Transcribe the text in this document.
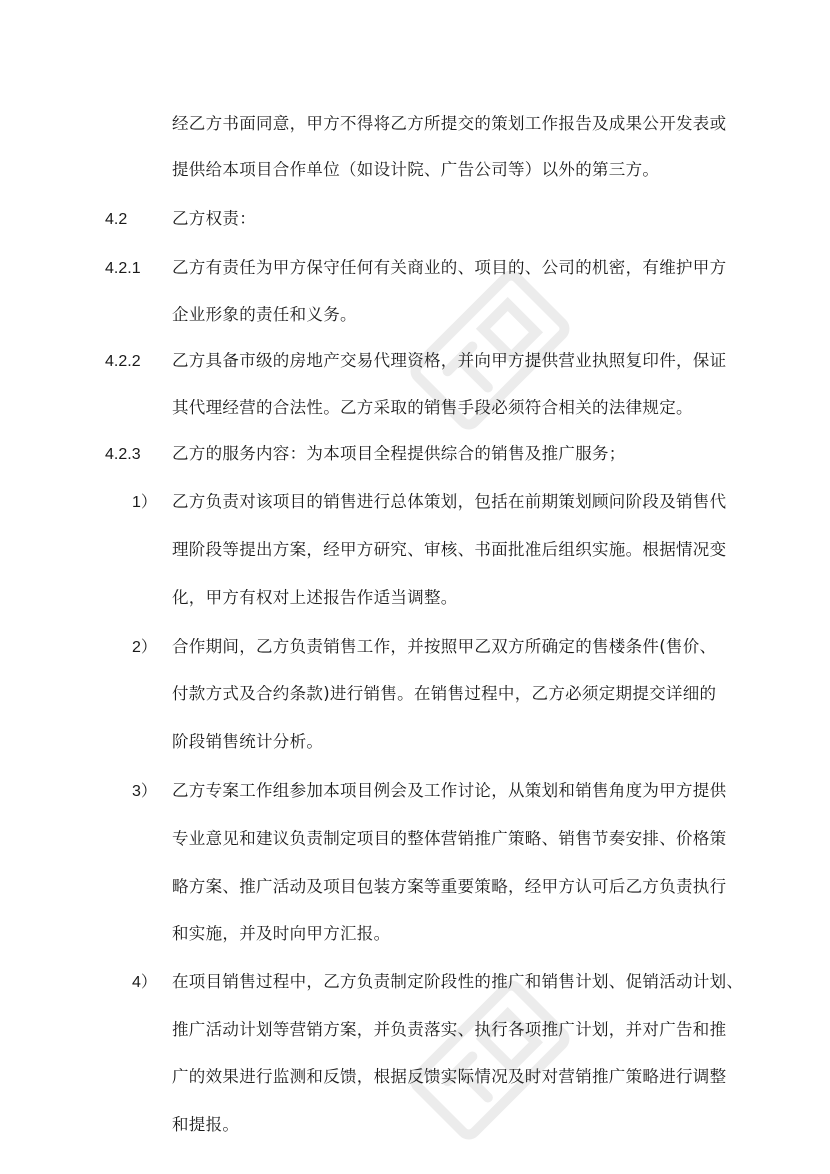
经乙方书面同意，甲方不得将乙方所提交的策划工作报告及成果公开发表或
提供给本项目合作单位（如设计院、广告公司等）以外的第三方。
4.2	乙方权责：
4.2.1 乙方有责任为甲方保守任何有关商业的、项目的、公司的机密，有维护甲方
企业形象的责任和义务。
4.2.2 乙方具备市级的房地产交易代理资格，并向甲方提供营业执照复印件，保证
其代理经营的合法性。乙方采取的销售手段必须符合相关的法律规定。
4.2.3 乙方的服务内容：为本项目全程提供综合的销售及推广服务；
1） 乙方负责对该项目的销售进行总体策划，包括在前期策划顾问阶段及销售代
理阶段等提出方案，经甲方研究、审核、书面批准后组织实施。根据情况变
化，甲方有权对上述报告作适当调整。
2） 合作期间，乙方负责销售工作，并按照甲乙双方所确定的售楼条件(售价、
付款方式及合约条款)进行销售。在销售过程中，乙方必须定期提交详细的
阶段销售统计分析。
3） 乙方专案工作组参加本项目例会及工作讨论，从策划和销售角度为甲方提供
专业意见和建议负责制定项目的整体营销推广策略、销售节奏安排、价格策
略方案、推广活动及项目包装方案等重要策略，经甲方认可后乙方负责执行
和实施，并及时向甲方汇报。
4） 在项目销售过程中，乙方负责制定阶段性的推广和销售计划、促销活动计划、
推广活动计划等营销方案，并负责落实、执行各项推广计划，并对广告和推
广的效果进行监测和反馈，根据反馈实际情况及时对营销推广策略进行调整
和提报。
